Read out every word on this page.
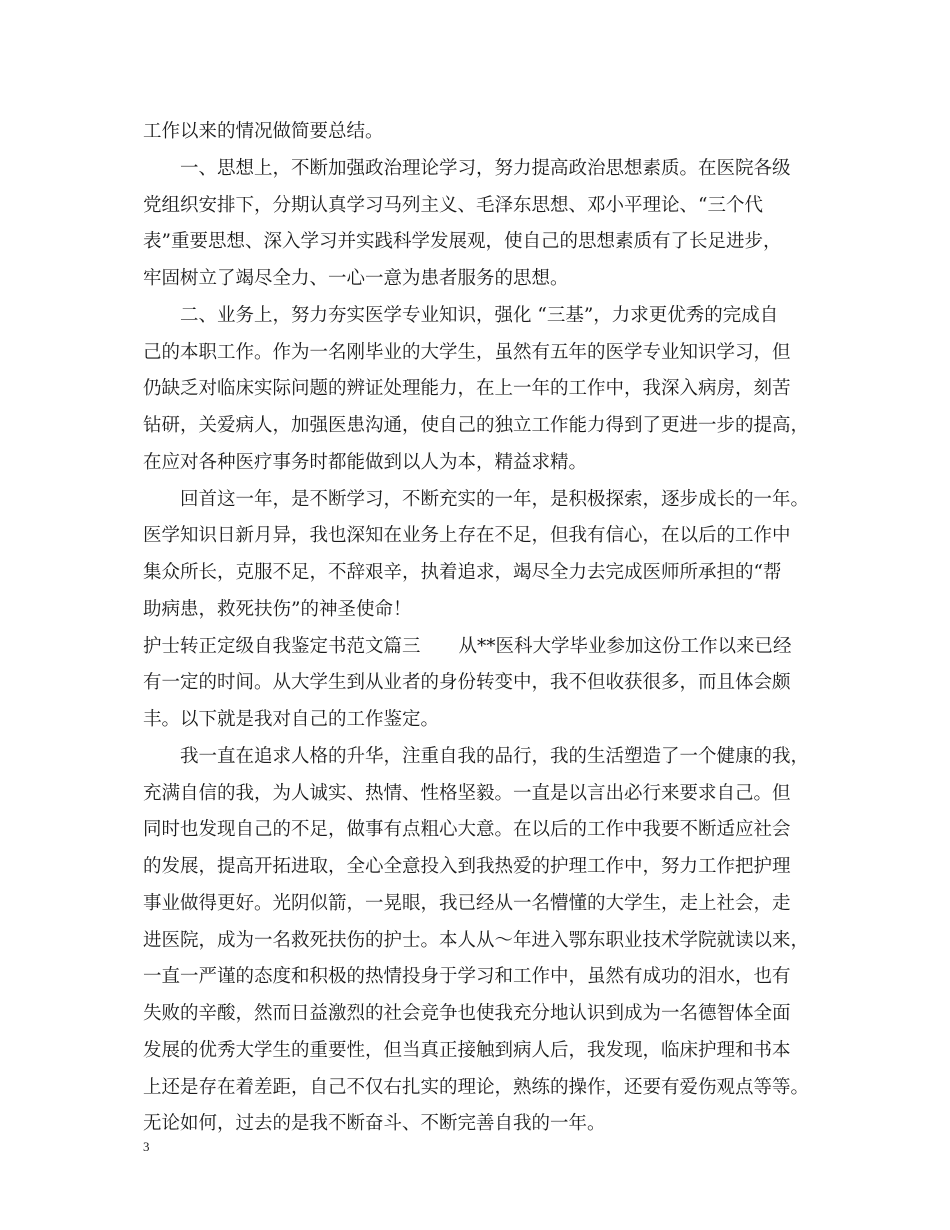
工作以来的情况做简要总结。
一、思想上，不断加强政治理论学习，努力提高政治思想素质。在医院各级
党组织安排下，分期认真学习马列主义、毛泽东思想、邓小平理论、“三个代
表”重要思想、深入学习并实践科学发展观，使自己的思想素质有了长足进步，
牢固树立了竭尽全力、一心一意为患者服务的思想。
二、业务上，努力夯实医学专业知识，强化 “三基”，力求更优秀的完成自
己的本职工作。作为一名刚毕业的大学生，虽然有五年的医学专业知识学习，但
仍缺乏对临床实际问题的辨证处理能力，在上一年的工作中，我深入病房，刻苦
钻研，关爱病人，加强医患沟通，使自己的独立工作能力得到了更进一步的提高，
在应对各种医疗事务时都能做到以人为本，精益求精。
回首这一年，是不断学习，不断充实的一年，是积极探索，逐步成长的一年。
医学知识日新月异，我也深知在业务上存在不足，但我有信心，在以后的工作中
集众所长，克服不足，不辞艰辛，执着追求，竭尽全力去完成医师所承担的“帮
助病患，救死扶伤”的神圣使命！
护士转正定级自我鉴定书范文篇三 从**医科大学毕业参加这份工作以来已经
有一定的时间。从大学生到从业者的身份转变中，我不但收获很多，而且体会颇
丰。以下就是我对自己的工作鉴定。
我一直在追求人格的升华，注重自我的品行，我的生活塑造了一个健康的我，
充满自信的我，为人诚实、热情、性格坚毅。一直是以言出必行来要求自己。但
同时也发现自己的不足，做事有点粗心大意。在以后的工作中我要不断适应社会
的发展，提高开拓进取，全心全意投入到我热爱的护理工作中，努力工作把护理
事业做得更好。光阴似箭，一晃眼，我已经从一名懵懂的大学生，走上社会，走
进医院，成为一名救死扶伤的护士。本人从～年进入鄂东职业技术学院就读以来，
一直一严谨的态度和积极的热情投身于学习和工作中，虽然有成功的泪水，也有
失败的辛酸，然而日益激烈的社会竞争也使我充分地认识到成为一名德智体全面
发展的优秀大学生的重要性，但当真正接触到病人后，我发现，临床护理和书本
上还是存在着差距，自己不仅右扎实的理论，熟练的操作，还要有爱伤观点等等。
无论如何，过去的是我不断奋斗、不断完善自我的一年。
3
